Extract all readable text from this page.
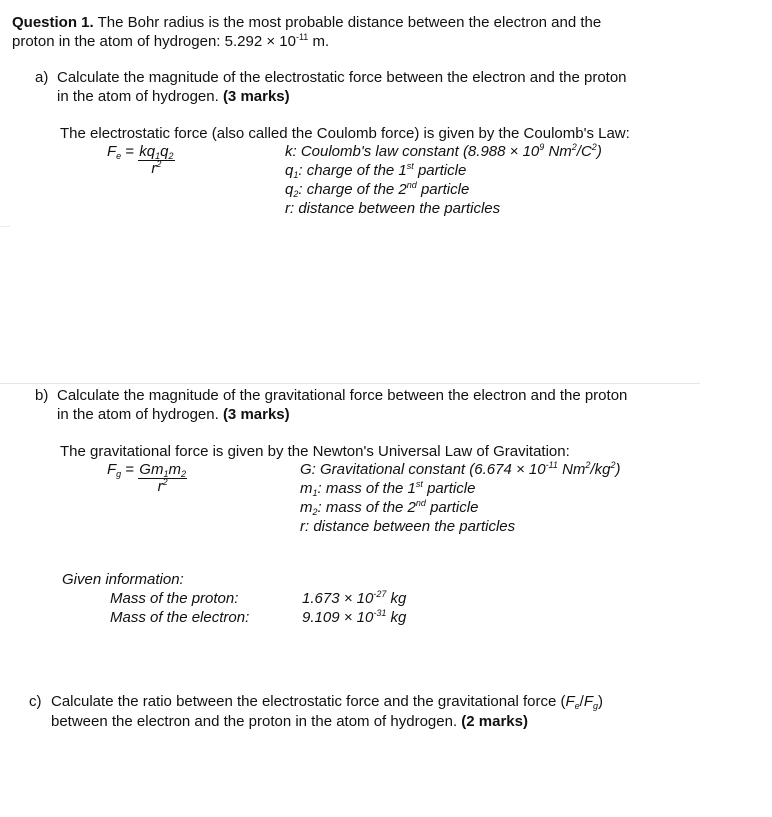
Question 1. The Bohr radius is the most probable distance between the electron and the
proton in the atom of hydrogen: $5.292 \times 10^{-11}$ m.
a) Calculate the magnitude of the electrostatic force between the electron and the proton
in the atom of hydrogen. (3 marks)
The electrostatic force (also called the Coulomb force) is given by the Coulomb's Law:
$F_e = \frac{kq_1q_2}{r^2}$	k: Coulomb's law constant ($8.988 \times 10^9$ $Nm^2/C^2$)
$q_1$: charge of the 1st particle
$q_2$: charge of the 2nd particle
r: distance between the particles
b) Calculate the magnitude of the gravitational force between the electron and the proton
in the atom of hydrogen. (3 marks)
The gravitational force is given by the Newton's Universal Law of Gravitation:
$F_g = \frac{Gm_1m_2}{r^2}$	G: Gravitational constant ($6.674 \times 10^{-11}$ $Nm^2/kg^2$)
$m_1$: mass of the 1st particle
$m_2$: mass of the 2nd particle
r: distance between the particles
Given information:
Mass of the proton:	$1.673 \times 10^{-27}$ kg
Mass of the electron:	$9.109 \times 10^{-31}$ kg
c) Calculate the ratio between the electrostatic force and the gravitational force $(F_e/F_g)$
between the electron and the proton in the atom of hydrogen. (2 marks)
